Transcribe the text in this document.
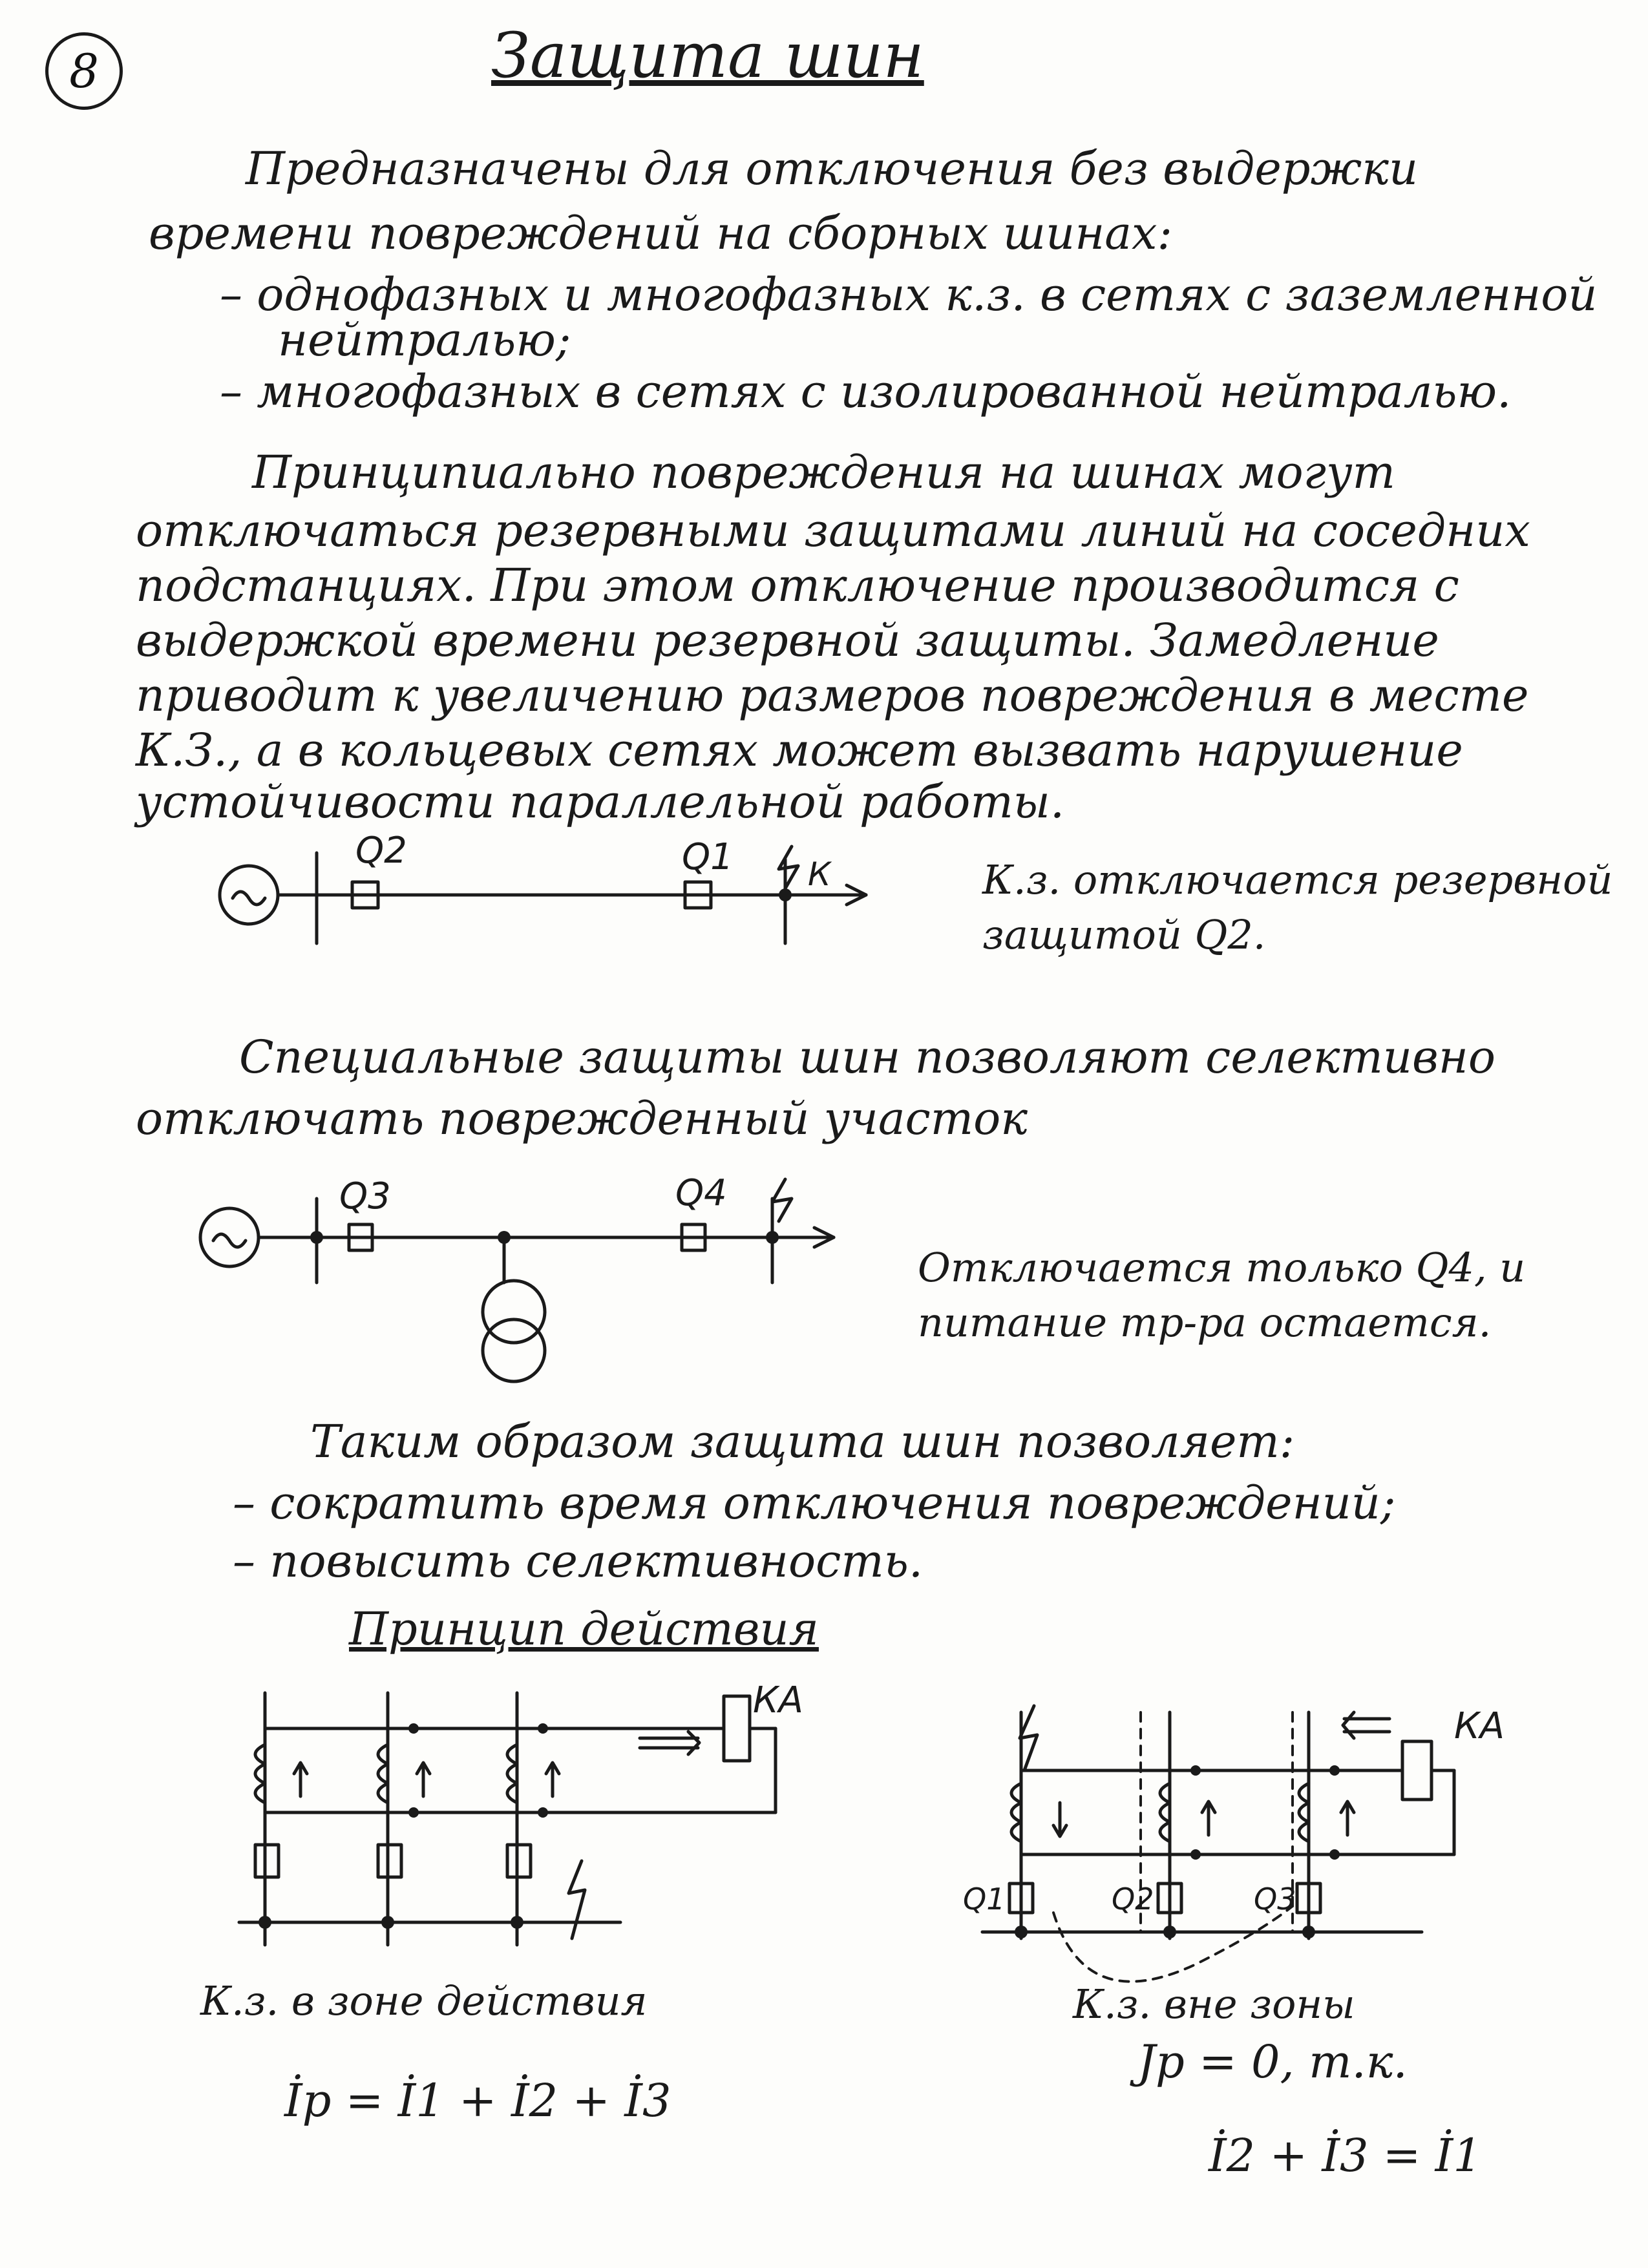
8	Защита шин
Предназначены для отключения без выдержки
времени повреждений на сборных шинах:
– однофазных и многофазных к.з. в сетях с заземленной
нейтралью;
– многофазных в сетях с изолированной нейтралью.
Принципиально повреждения на шинах могут
отключаться резервными защитами линий на соседних
подстанциях. При этом отключение производится с
выдержкой времени резервной защиты. Замедление
приводит к увеличению размеров повреждения в месте
К.З., а в кольцевых сетях может вызвать нарушение
устойчивости параллельной работы.
Q2	Q1 К	К.з. отключается резервной
защитой Q2.
Специальные защиты шин позволяют селективно
отключать поврежденный участок
Q3	Q4
Отключается только Q4, и
питание тр-ра остается.
Таким образом защита шин позволяет:
– сократить время отключения повреждений;
– повысить селективность.
Принцип действия
КА
К.з. в зоне действия
İp = İ1 + İ2 + İ3
КА
Q1	Q2	Q3
К.з. вне зоны
Jp = 0, т.к.
İ2 + İ3 = İ1
